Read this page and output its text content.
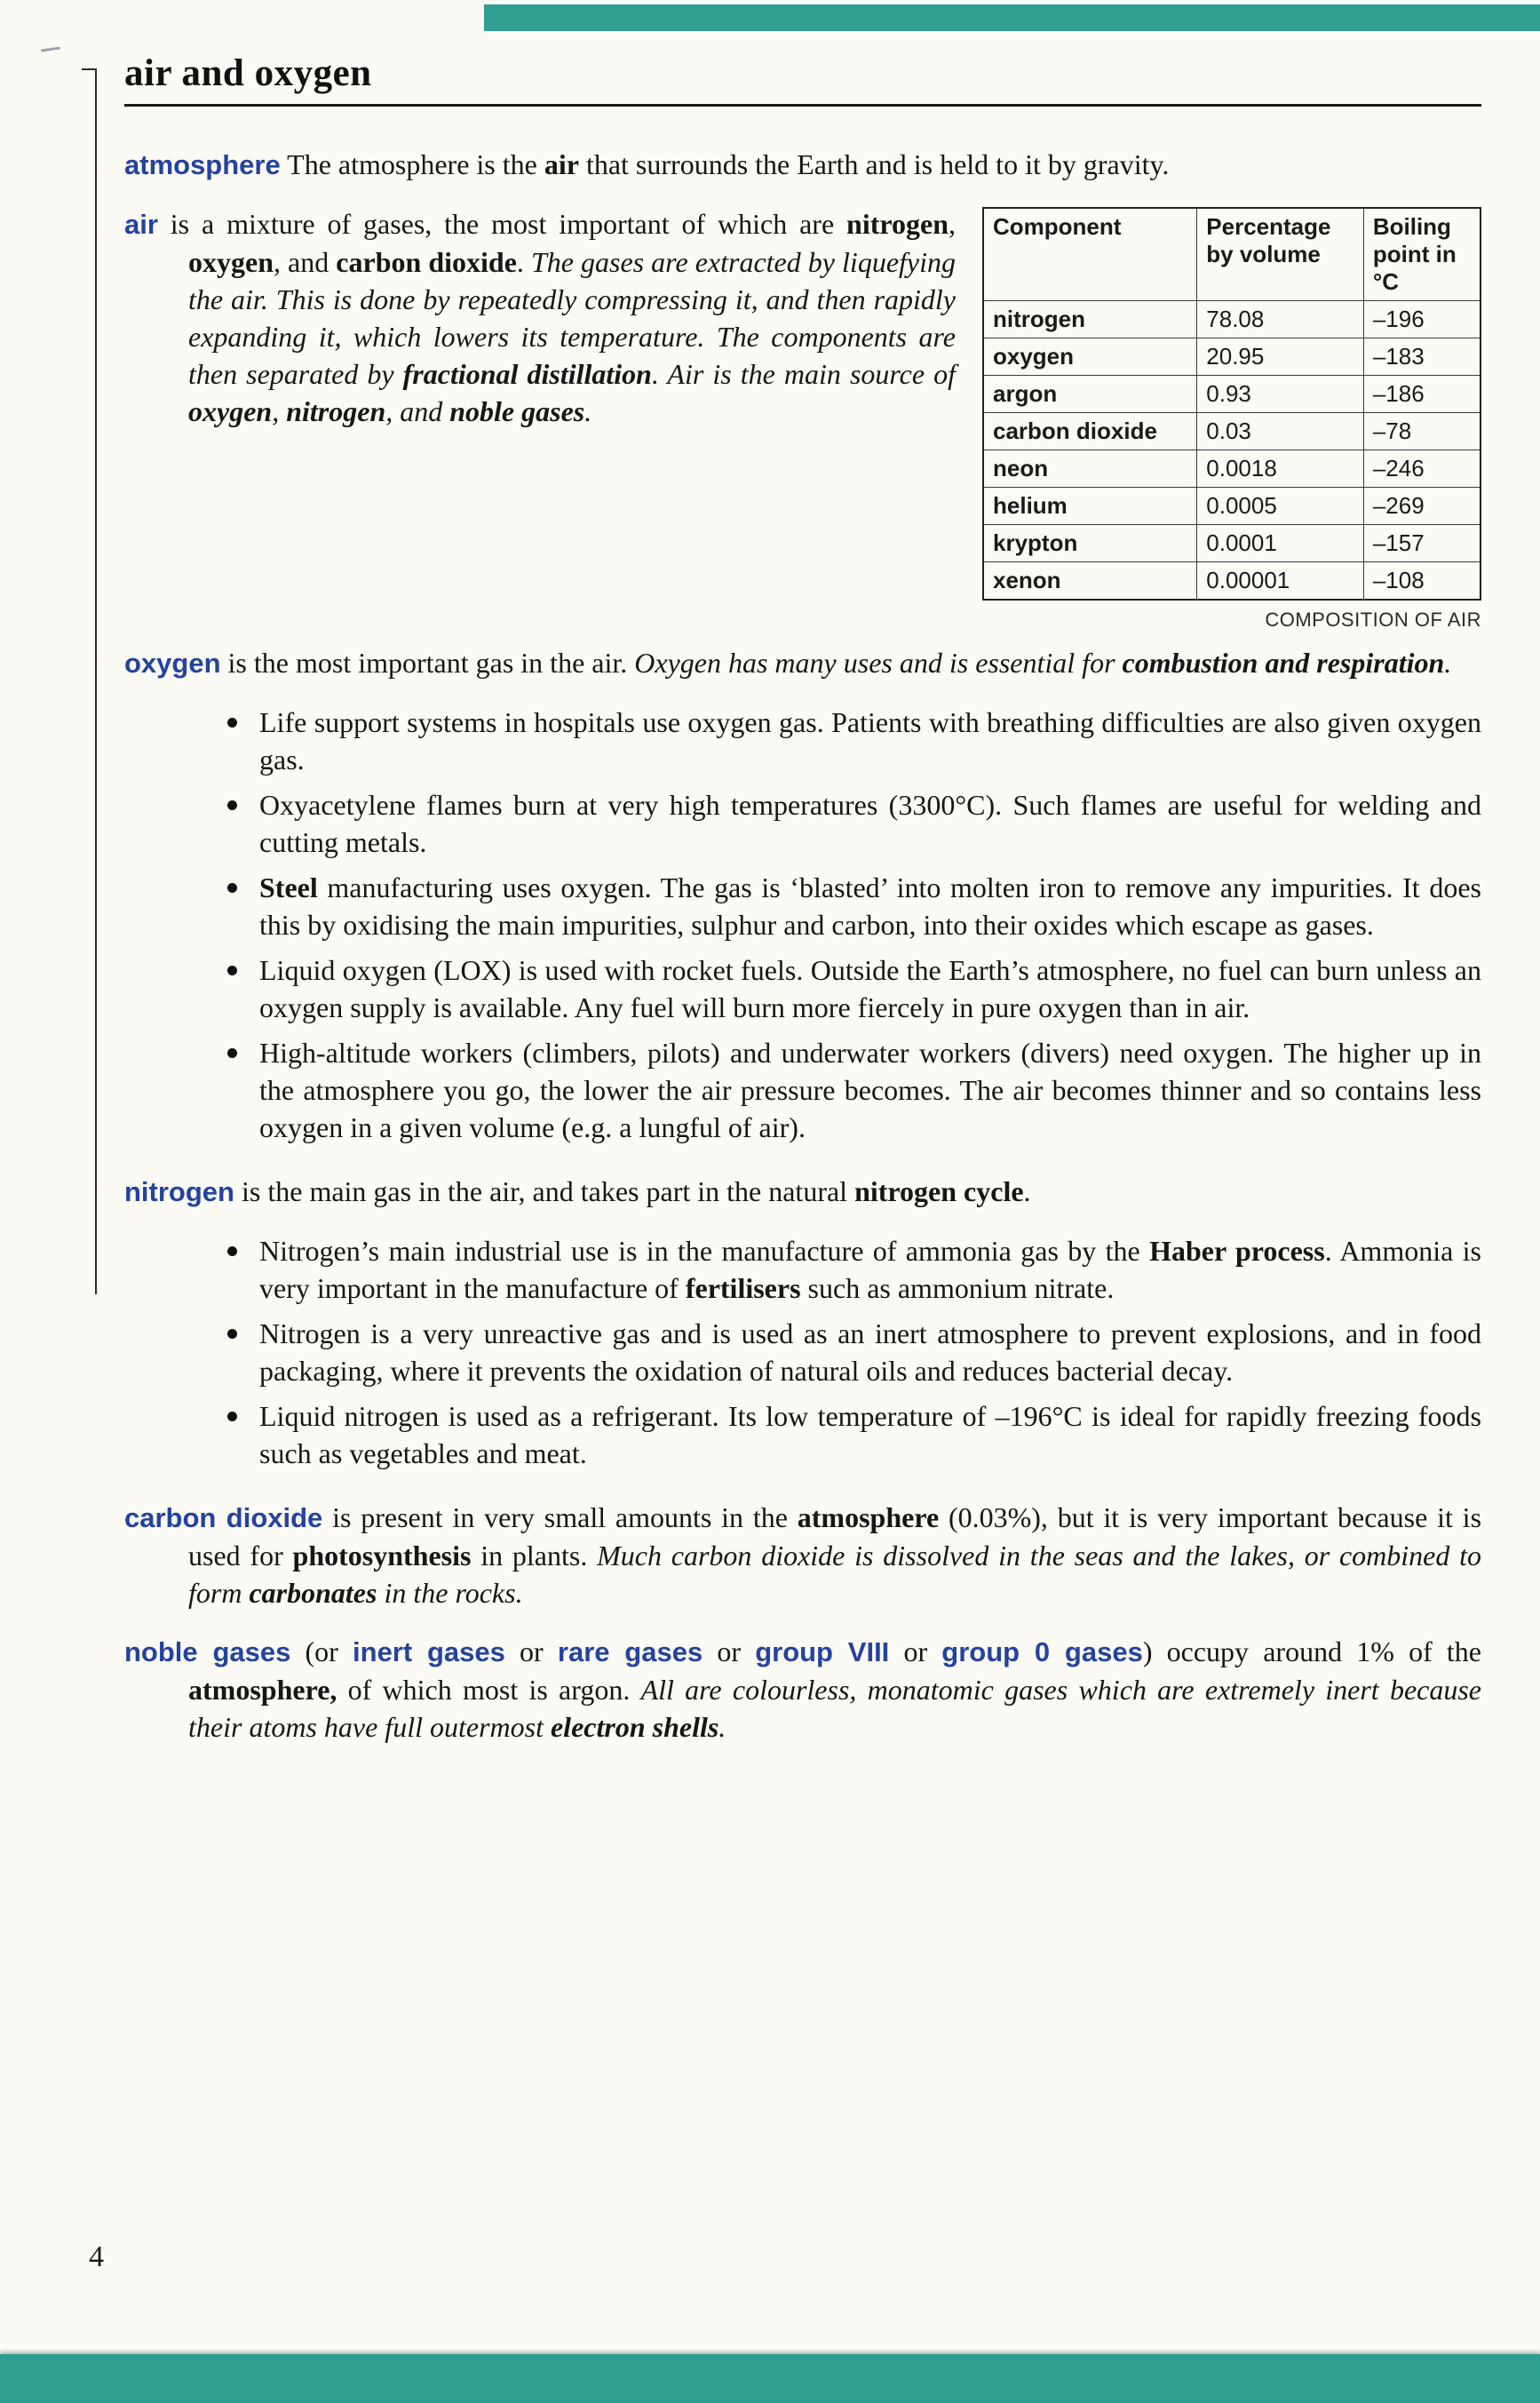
air and oxygen
atmosphere The atmosphere is the air that surrounds the Earth and is held to it by gravity.
Component	Percentage by volume	Boiling point in °C
nitrogen	78.08	–196
oxygen	20.95	–183
argon	0.93	–186
carbon dioxide	0.03	–78
neon	0.0018	–246
helium	0.0005	–269
krypton	0.0001	–157
xenon	0.00001	–108
COMPOSITION OF AIR
air is a mixture of gases, the most important of which are nitrogen, oxygen, and carbon dioxide. The gases are extracted by liquefying the air. This is done by repeatedly compressing it, and then rapidly expanding it, which lowers its temperature. The components are then separated by fractional distillation. Air is the main source of oxygen, nitrogen, and noble gases.
oxygen is the most important gas in the air. Oxygen has many uses and is essential for combustion and respiration.
Life support systems in hospitals use oxygen gas. Patients with breathing difficulties are also given oxygen gas.
Oxyacetylene flames burn at very high temperatures (3300°C). Such flames are useful for welding and cutting metals.
Steel manufacturing uses oxygen. The gas is ‘blasted’ into molten iron to remove any impurities. It does this by oxidising the main impurities, sulphur and carbon, into their oxides which escape as gases.
Liquid oxygen (LOX) is used with rocket fuels. Outside the Earth’s atmosphere, no fuel can burn unless an oxygen supply is available. Any fuel will burn more fiercely in pure oxygen than in air.
High-altitude workers (climbers, pilots) and underwater workers (divers) need oxygen. The higher up in the atmosphere you go, the lower the air pressure becomes. The air becomes thinner and so contains less oxygen in a given volume (e.g. a lungful of air).
nitrogen is the main gas in the air, and takes part in the natural nitrogen cycle.
Nitrogen’s main industrial use is in the manufacture of ammonia gas by the Haber process. Ammonia is very important in the manufacture of fertilisers such as ammonium nitrate.
Nitrogen is a very unreactive gas and is used as an inert atmosphere to prevent explosions, and in food packaging, where it prevents the oxidation of natural oils and reduces bacterial decay.
Liquid nitrogen is used as a refrigerant. Its low temperature of –196°C is ideal for rapidly freezing foods such as vegetables and meat.
carbon dioxide is present in very small amounts in the atmosphere (0.03%), but it is very important because it is used for photosynthesis in plants. Much carbon dioxide is dissolved in the seas and the lakes, or combined to form carbonates in the rocks.
noble gases (or inert gases or rare gases or group VIII or group 0 gases) occupy around 1% of the atmosphere, of which most is argon. All are colourless, monatomic gases which are extremely inert because their atoms have full outermost electron shells.
4
